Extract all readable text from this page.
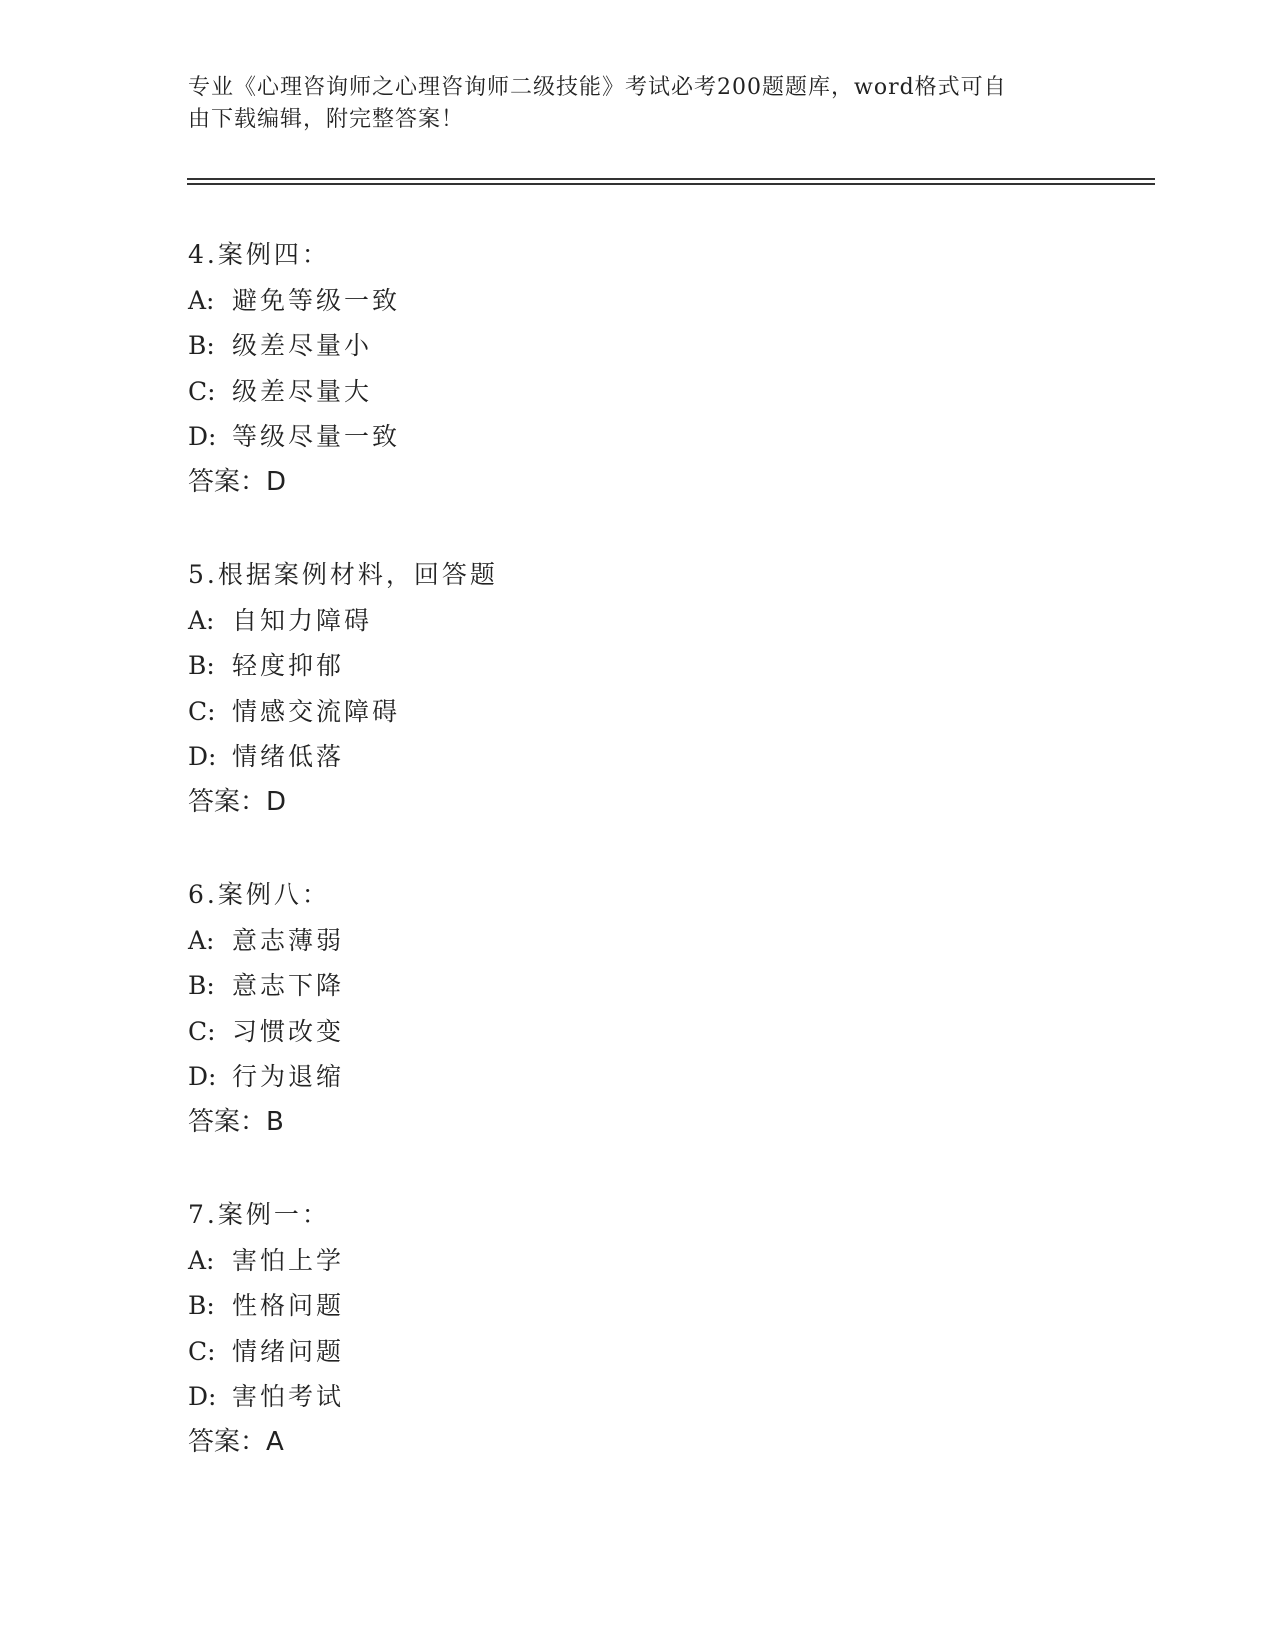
专业《心理咨询师之心理咨询师二级技能》考试必考200题题库，word格式可自
由下载编辑，附完整答案！
4.案例四：
A: 避免等级一致
B: 级差尽量小
C: 级差尽量大
D: 等级尽量一致
答案：D
5.根据案例材料，回答题
A: 自知力障碍
B: 轻度抑郁
C: 情感交流障碍
D: 情绪低落
答案：D
6.案例八：
A: 意志薄弱
B: 意志下降
C: 习惯改变
D: 行为退缩
答案：B
7.案例一：
A: 害怕上学
B: 性格问题
C: 情绪问题
D: 害怕考试
答案：A
